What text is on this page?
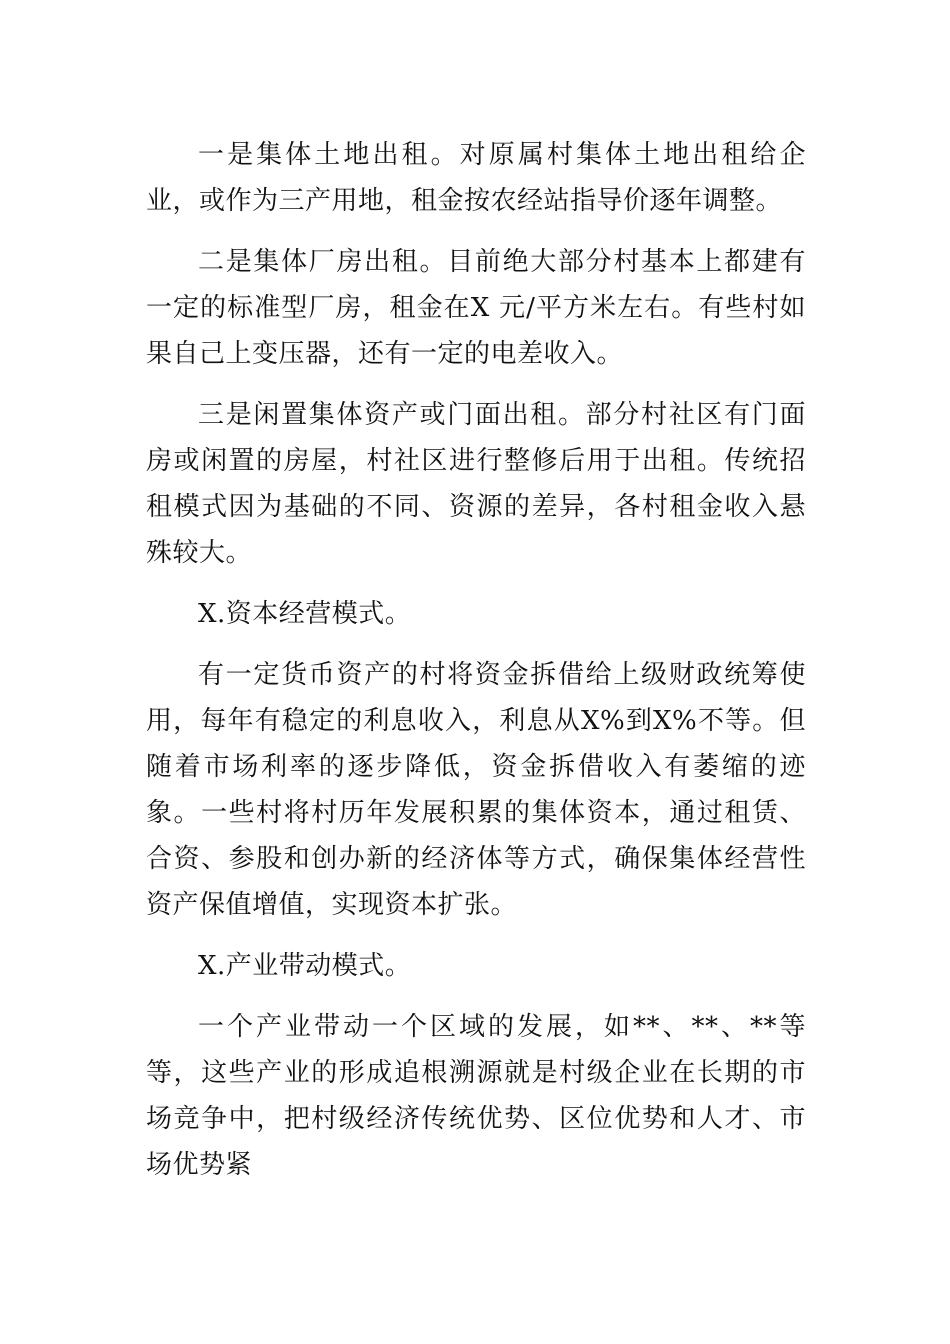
一是集体土地出租。对原属村集体土地出租给企业，或作为三产用地，租金按农经站指导价逐年调整。

二是集体厂房出租。目前绝大部分村基本上都建有一定的标准型厂房，租金在X 元/平方米左右。有些村如果自己上变压器，还有一定的电差收入。

三是闲置集体资产或门面出租。部分村社区有门面房或闲置的房屋，村社区进行整修后用于出租。传统招租模式因为基础的不同、资源的差异，各村租金收入悬殊较大。

X.资本经营模式。

有一定货币资产的村将资金拆借给上级财政统筹使用，每年有稳定的利息收入，利息从X%到X%不等。但随着市场利率的逐步降低，资金拆借收入有萎缩的迹象。一些村将村历年发展积累的集体资本，通过租赁、合资、参股和创办新的经济体等方式，确保集体经营性资产保值增值，实现资本扩张。

X.产业带动模式。

一个产业带动一个区域的发展，如**、**、**等等，这些产业的形成追根溯源就是村级企业在长期的市场竞争中，把村级经济传统优势、区位优势和人才、市场优势紧
